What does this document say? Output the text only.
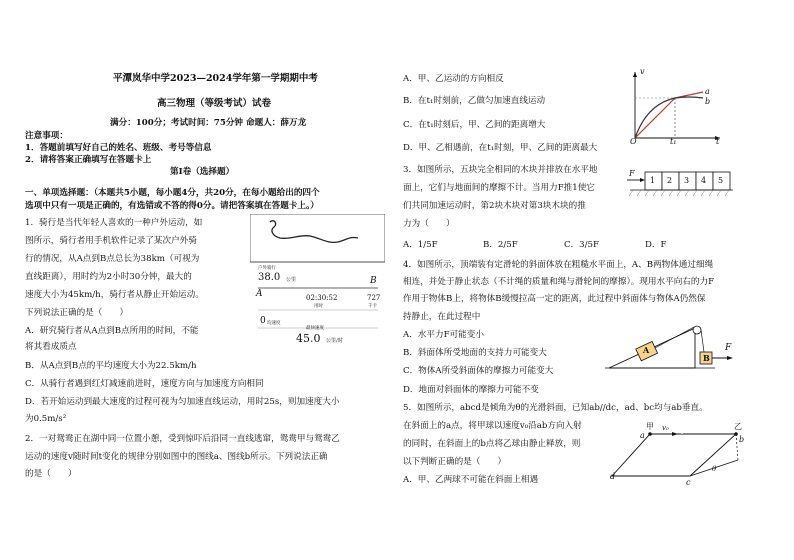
平潭岚华中学2023—2024学年第一学期期中考
高三物理（等级考试）试卷
满分：100分；考试时间：75分钟 命题人：薛万龙
注意事项：
1．答题前填写好自己的姓名、班级、考号等信息
2．请将答案正确填写在答题卡上
第I卷（选择题）
一、单项选择题：（本题共5小题，每小题4分，共20分，在每小题给出的四个
选项中只有一项是正确的，有选错或不答的得0分。请把答案填在答题卡上。）
1．骑行是当代年轻人喜欢的一种户外运动，如
图所示，骑行者用手机软件记录了某次户外骑
行的情况，从A点到B点总长为38km（可视为
直线距离），用时约为2小时30分钟，最大的
速度大小为45km/h，骑行者从静止开始运动。
下列说法正确的是（　　）
A．研究骑行者从A点到B点所用的时间，不能
将其看成质点
B．从A点到B点的平均速度大小为22.5km/h
C．从骑行者遇到红灯减速前进时，速度方向与加速度方向相同
D．若开始运动到最大速度的过程可视为匀加速直线运动，用时25s，则加速度大小
为0.5m/s²
户外骑行
38.0 公里
A
B
02:30:52
用时
727
千卡
0 均速度
最快速度
45.0 公里/时
2．一对鸳鸯正在湖中同一位置小憩，受到惊吓后沿同一直线逃窜，鸳鸯甲与鸳鸯乙
运动的速度v随时间t变化的规律分别如图中的图线a、图线b所示。下列说法正确
的是（　　）
A．甲、乙运动的方向相反
B．在t₁时刻前，乙做匀加速直线运动
C．在t₁时刻后，甲、乙间的距离增大
D．甲、乙相遇前，在t₁时刻，甲、乙间的距离最大
v
t
O	t₁
a
b
3．如图所示，五块完全相同的木块并排放在水平地
面上，它们与地面间的摩擦不计。当用力F推1使它
们共同加速运动时，第2块木块对第3块木块的推
力为（　　）
A．1/5F	B．2/5F	C．3/5F	D．F
F
1 2 3 4 5
4．如图所示，顶端装有定滑轮的斜面体放在粗糙水平面上，A、B两物体通过细绳
相连，并处于静止状态（不计绳的质量和绳与滑轮间的摩擦）。现用水平向右的力F
作用于物体B上，将物体B缓慢拉高一定的距离，此过程中斜面体与物体A仍然保
持静止，在此过程中
A．水平力F可能变小
B．斜面体所受地面的支持力可能变大
C．物体A所受斜面体的摩擦力可能变大
D．地面对斜面体的摩擦力可能不变
A
B
F
5．如图所示，abcd是倾角为θ的光滑斜面，已知ab//dc，ad、bc均与ab垂直。
在斜面上的a点，将甲球以速度v₀沿ab方向入射
的同时，在斜面上的b点将乙球由静止释放，则
以下判断正确的是（　　）
A．甲、乙两球不可能在斜面上相遇
甲	乙
a	b
c
d
v₀
θ
